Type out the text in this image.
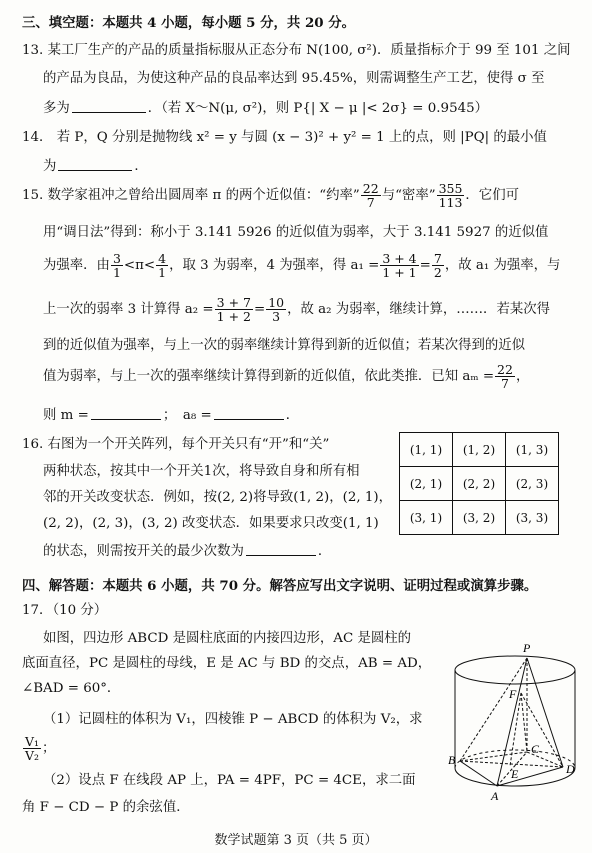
三、填空题：本题共 4 小题，每小题 5 分，共 20 分。
13. 某工厂生产的产品的质量指标服从正态分布 N(100, σ²)．质量指标介于 99 至 101 之间
的产品为良品，为使这种产品的良品率达到 95.45%，则需调整生产工艺，使得 σ 至
多为	．（若 X～N(μ, σ²)，则 P{| X − μ |< 2σ} = 0.9545）
14． 若 P，Q 分别是抛物线 x² = y 与圆 (x − 3)² + y² = 1 上的点，则 |PQ| 的最小值
为	．
15. 数学家祖冲之曾给出圆周率 π 的两个近似值：“约率” $\frac{22}{7}$ 与“密率” $\frac{355}{113}$ ．它们可
用“调日法”得到：称小于 3.141 5926 的近似值为弱率，大于 3.141 5927 的近似值
为强率．由 $\frac{3}{1} <\pi< \frac{4}{1}$ ，取 3 为弱率，4 为强率，得 $a_1 = \frac{3 + 4}{1 + 1} = \frac{7}{2}$ ，故 a₁ 为强率，与
上一次的弱率 3 计算得 $a_2 = \frac{3 + 7}{1 + 2} = \frac{10}{3}$ ，故 a₂ 为弱率，继续计算，……．若某次得
到的近似值为强率，与上一次的弱率继续计算得到新的近似值；若某次得到的近似
值为弱率，与上一次的强率继续计算得到新的近似值，依此类推．已知 $a_m = \frac{22}{7}$ ，
则 m =	；　a₈ =	．
16. 右图为一个开关阵列，每个开关只有“开”和“关”
两种状态，按其中一个开关1次，将导致自身和所有相
邻的开关改变状态．例如，按(2, 2)将导致(1, 2)，(2, 1)，
(2, 2)，(2, 3)，(3, 2) 改变状态．如果要求只改变(1, 1)
的状态，则需按开关的最少次数为	．
(1, 1)	(1, 2)	(1, 3)
(2, 1)	(2, 2)	(2, 3)
(3, 1)	(3, 2)	(3, 3)
四、解答题：本题共 6 小题，共 70 分。解答应写出文字说明、证明过程或演算步骤。
17．（10 分）
如图，四边形 ABCD 是圆柱底面的内接四边形，AC 是圆柱的
底面直径，PC 是圆柱的母线，E 是 AC 与 BD 的交点，AB = AD，
∠BAD = 60°．
（1）记圆柱的体积为 V₁，四棱锥 P − ABCD 的体积为 V₂，求
$\frac{\text{V₁}}{\text{V₂}}$ ；
（2）设点 F 在线段 AP 上，PA = 4PF，PC = 4CE，求二面
角 F − CD − P 的余弦值．
P
F
C
B
E	D
A
数学试题第 3 页（共 5 页）
